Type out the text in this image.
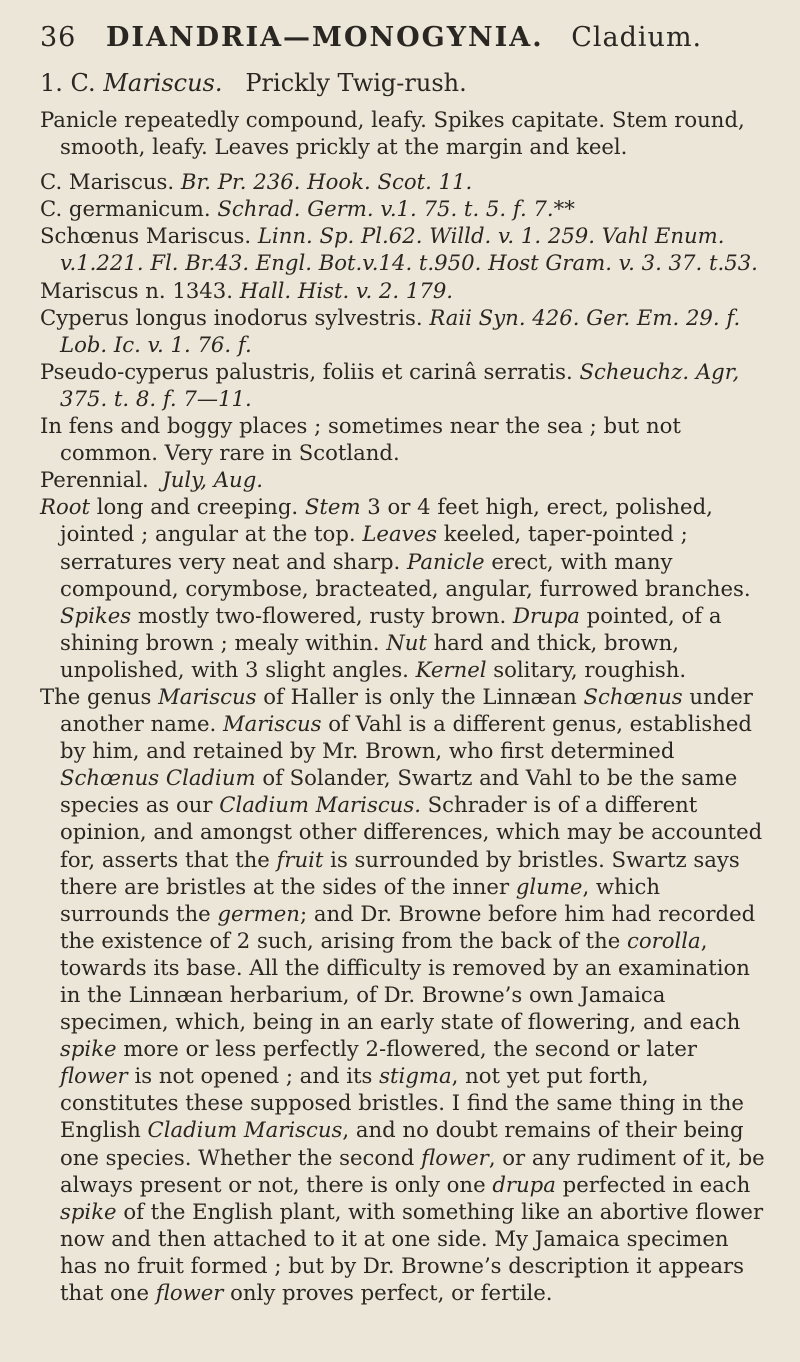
36 DIANDRIA—MONOGYNIA. Cladium.

1. C. Mariscus. Prickly Twig-rush.

Panicle repeatedly compound, leafy. Spikes capitate. Stem round, smooth, leafy. Leaves prickly at the margin and keel.

C. Mariscus. Br. Pr. 236. Hook. Scot. 11.

C. germanicum. Schrad. Germ. v.1. 75. t. 5. f. 7.**

Schœnus Mariscus. Linn. Sp. Pl.62. Willd. v. 1. 259. Vahl Enum. v.1.221. Fl. Br.43. Engl. Bot.v.14. t.950. Host Gram. v. 3. 37. t.53.

Mariscus n. 1343. Hall. Hist. v. 2. 179.

Cyperus longus inodorus sylvestris. Raii Syn. 426. Ger. Em. 29. f. Lob. Ic. v. 1. 76. f.

Pseudo-cyperus palustris, foliis et carinâ serratis. Scheuchz. Agr, 375. t. 8. f. 7—11.

In fens and boggy places ; sometimes near the sea ; but not common. Very rare in Scotland.

Perennial. July, Aug.

Root long and creeping. Stem 3 or 4 feet high, erect, polished, jointed ; angular at the top. Leaves keeled, taper-pointed ; serratures very neat and sharp. Panicle erect, with many compound, corymbose, bracteated, angular, furrowed branches. Spikes mostly two-flowered, rusty brown. Drupa pointed, of a shining brown ; mealy within. Nut hard and thick, brown, unpolished, with 3 slight angles. Kernel solitary, roughish.

The genus Mariscus of Haller is only the Linnæan Schœnus under another name. Mariscus of Vahl is a different genus, established by him, and retained by Mr. Brown, who first determined Schœnus Cladium of Solander, Swartz and Vahl to be the same species as our Cladium Mariscus. Schrader is of a different opinion, and amongst other differences, which may be accounted for, asserts that the fruit is surrounded by bristles. Swartz says there are bristles at the sides of the inner glume, which surrounds the germen; and Dr. Browne before him had recorded the existence of 2 such, arising from the back of the corolla, towards its base. All the difficulty is removed by an examination in the Linnæan herbarium, of Dr. Browne’s own Jamaica specimen, which, being in an early state of flowering, and each spike more or less perfectly 2-flowered, the second or later flower is not opened ; and its stigma, not yet put forth, constitutes these supposed bristles. I find the same thing in the English Cladium Mariscus, and no doubt remains of their being one species. Whether the second flower, or any rudiment of it, be always present or not, there is only one drupa perfected in each spike of the English plant, with something like an abortive flower now and then attached to it at one side. My Jamaica specimen has no fruit formed ; but by Dr. Browne’s description it appears that one flower only proves perfect, or fertile.
